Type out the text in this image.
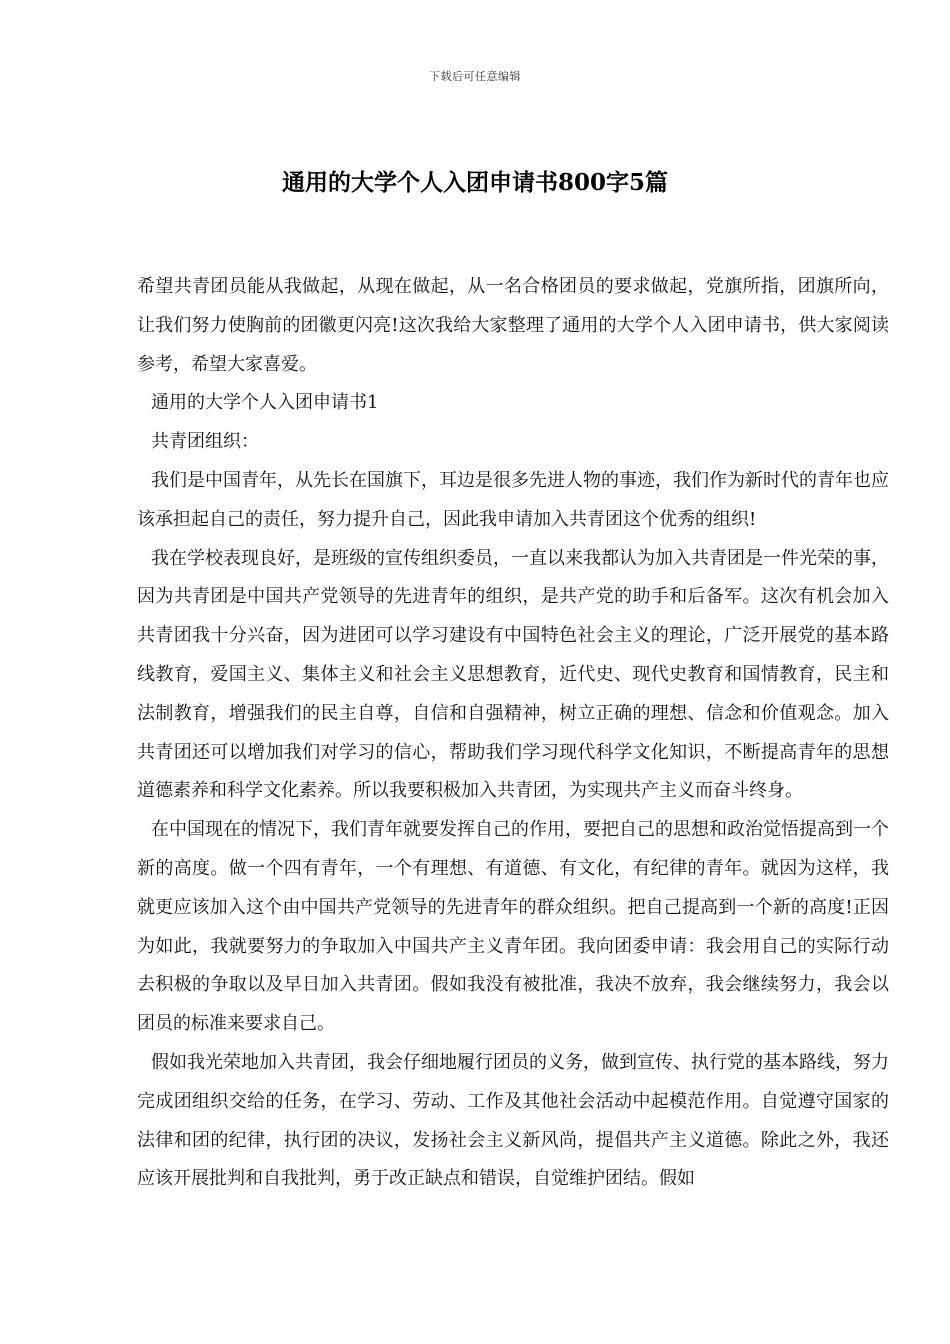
下载后可任意编辑
通用的大学个人入团申请书800字5篇

希望共青团员能从我做起，从现在做起，从一名合格团员的要求做起，党旗所指，团旗所向，让我们努力使胸前的团徽更闪亮!这次我给大家整理了通用的大学个人入团申请书，供大家阅读参考，希望大家喜爱。

通用的大学个人入团申请书1

共青团组织：

我们是中国青年，从先长在国旗下，耳边是很多先进人物的事迹，我们作为新时代的青年也应该承担起自己的责任，努力提升自己，因此我申请加入共青团这个优秀的组织!

我在学校表现良好，是班级的宣传组织委员，一直以来我都认为加入共青团是一件光荣的事，因为共青团是中国共产党领导的先进青年的组织，是共产党的助手和后备军。这次有机会加入共青团我十分兴奋，因为进团可以学习建设有中国特色社会主义的理论，广泛开展党的基本路线教育，爱国主义、集体主义和社会主义思想教育，近代史、现代史教育和国情教育，民主和法制教育，增强我们的民主自尊，自信和自强精神，树立正确的理想、信念和价值观念。加入共青团还可以增加我们对学习的信心，帮助我们学习现代科学文化知识，不断提高青年的思想道德素养和科学文化素养。所以我要积极加入共青团，为实现共产主义而奋斗终身。

在中国现在的情况下，我们青年就要发挥自己的作用，要把自己的思想和政治觉悟提高到一个新的高度。做一个四有青年，一个有理想、有道德、有文化，有纪律的青年。就因为这样，我就更应该加入这个由中国共产党领导的先进青年的群众组织。把自己提高到一个新的高度!正因为如此，我就要努力的争取加入中国共产主义青年团。我向团委申请：我会用自己的实际行动去积极的争取以及早日加入共青团。假如我没有被批准，我决不放弃，我会继续努力，我会以团员的标准来要求自己。

假如我光荣地加入共青团，我会仔细地履行团员的义务，做到宣传、执行党的基本路线，努力完成团组织交给的任务，在学习、劳动、工作及其他社会活动中起模范作用。自觉遵守国家的法律和团的纪律，执行团的决议，发扬社会主义新风尚，提倡共产主义道德。除此之外，我还应该开展批判和自我批判，勇于改正缺点和错误，自觉维护团结。假如
